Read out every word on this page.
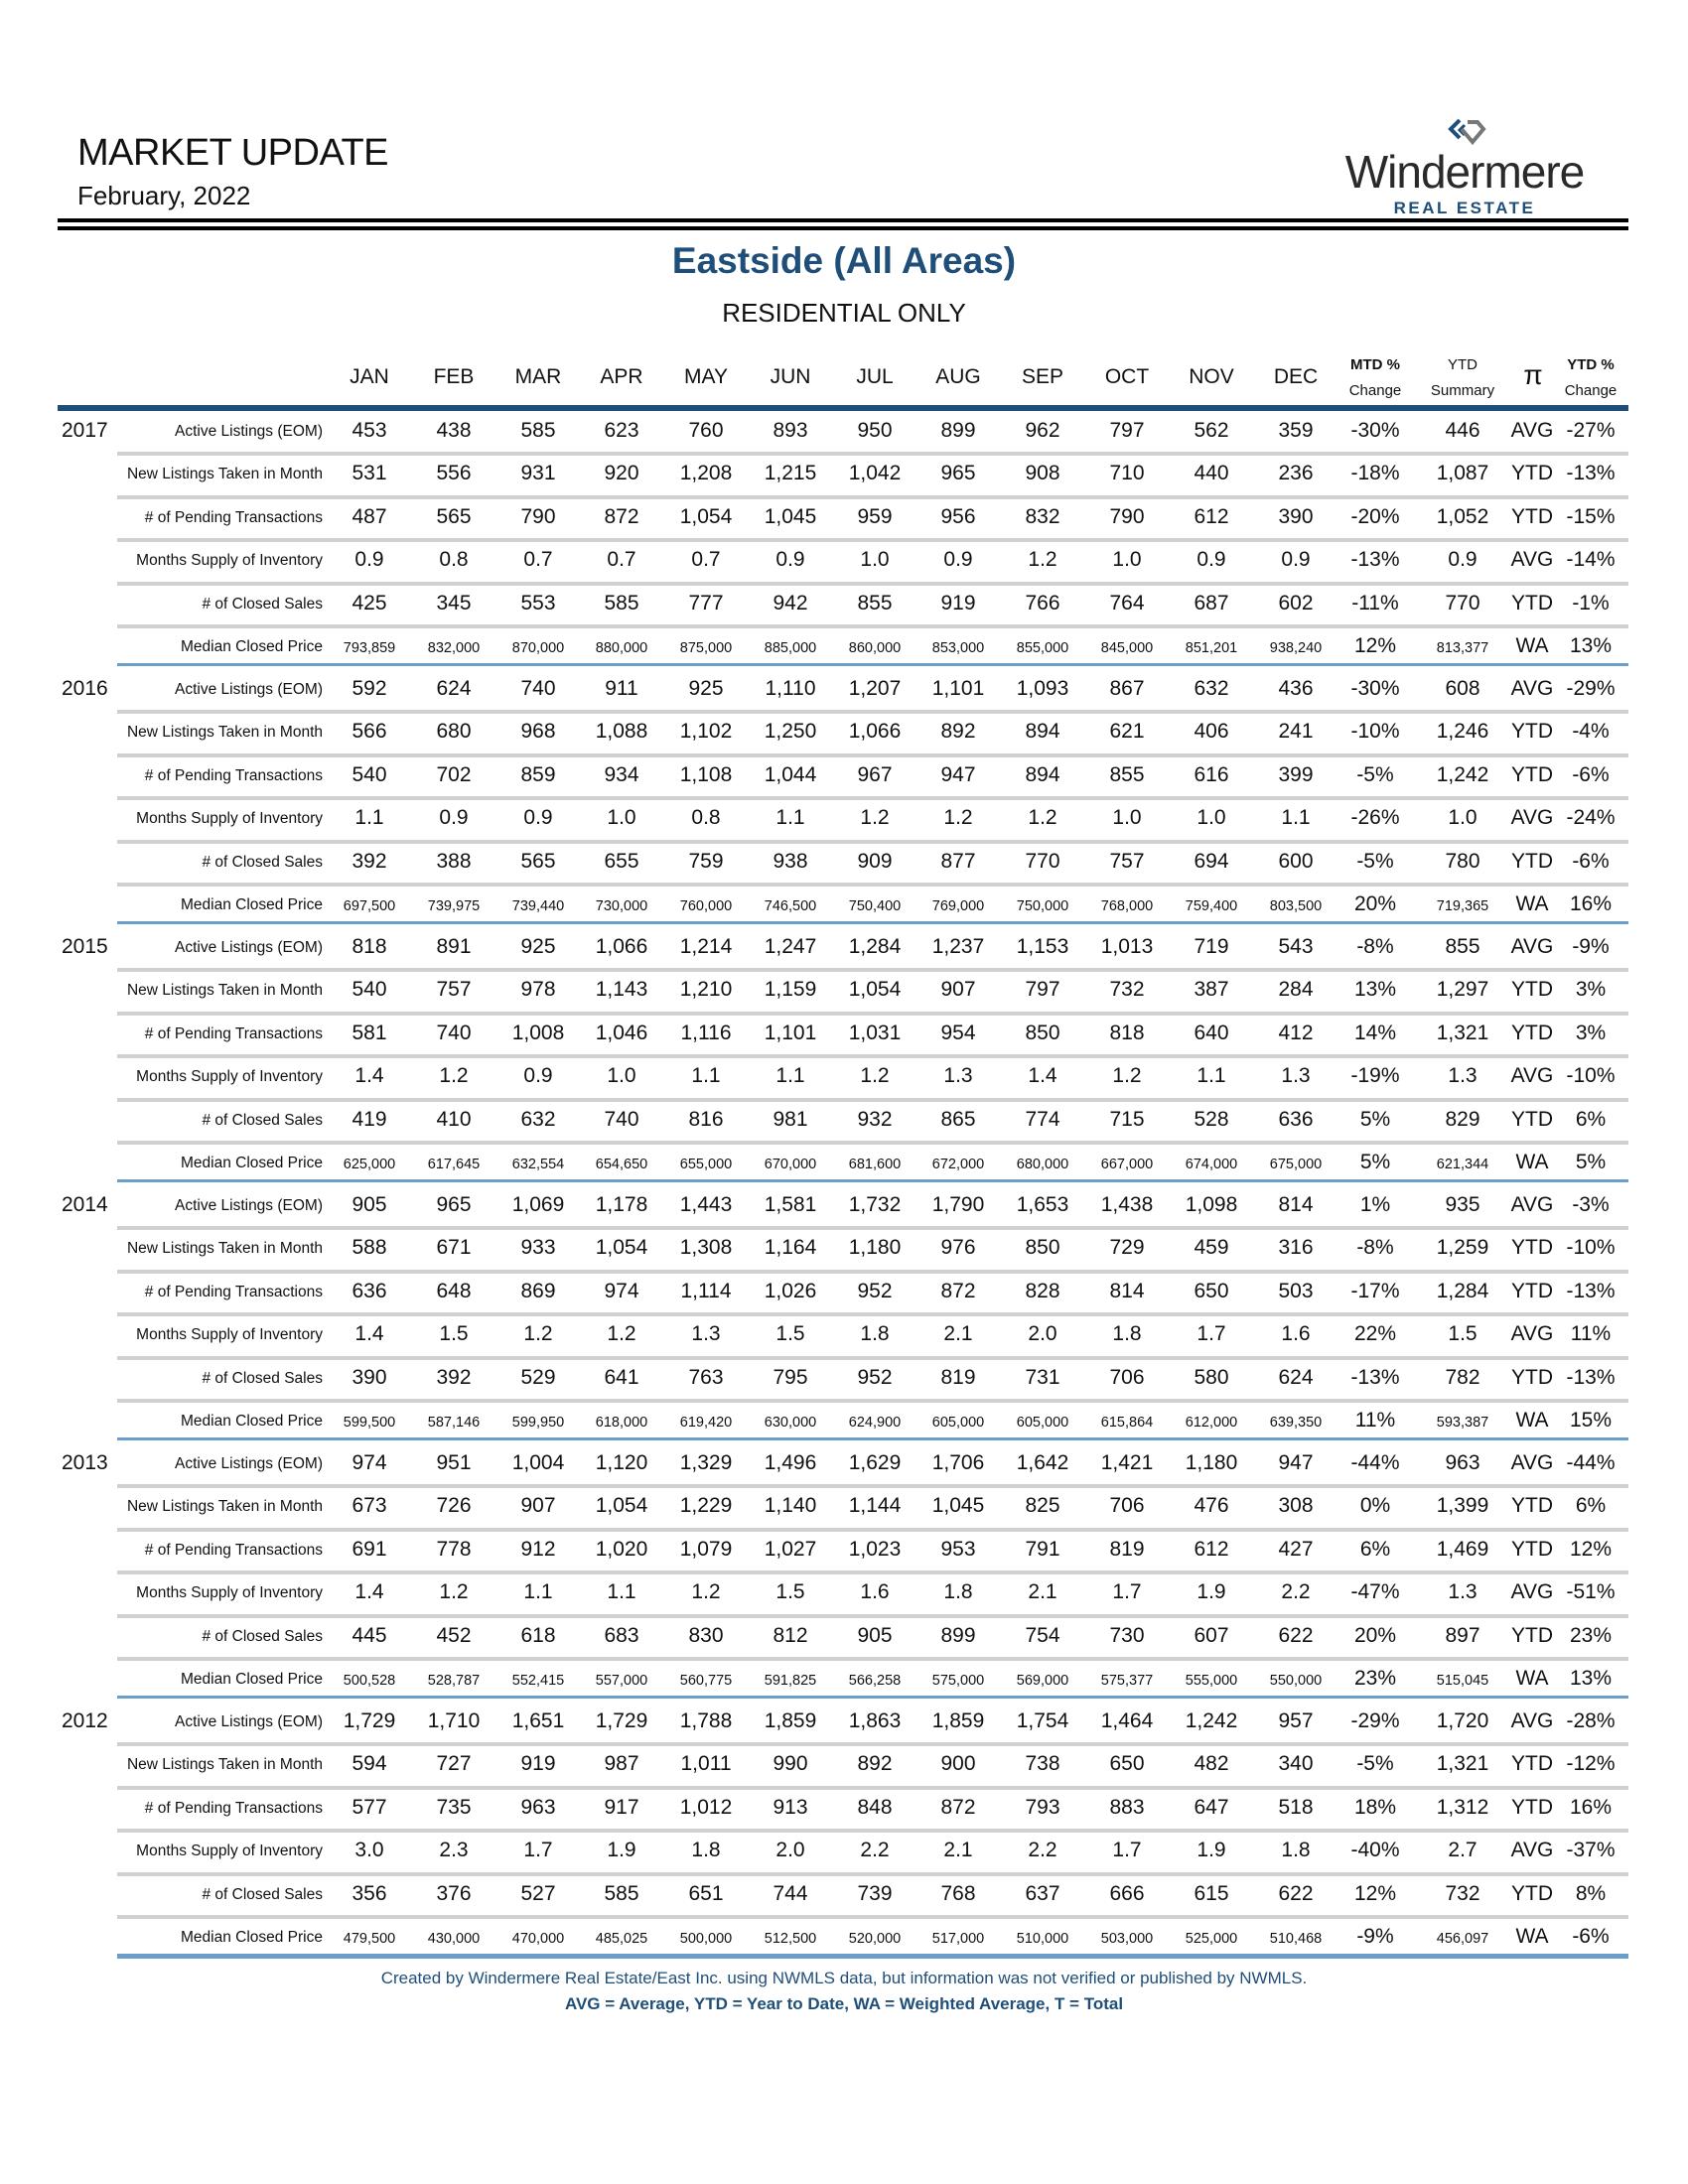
MARKET UPDATE
February, 2022	Windermere
REAL ESTATE
Eastside (All Areas)
RESIDENTIAL ONLY
JAN	FEB	MAR	APR	MAY	JUN	JUL	AUG	SEP	OCT	NOV	DEC
MTD %
Change
YTD
Summary
π	YTD %
Change
2017	Active Listings (EOM)	453	438	585	623	760	893	950	899	962	797	562	359	-30%	446	AVG -27%
New Listings Taken in Month	531	556	931	920	1,208	1,215	1,042	965	908	710	440	236	-18%	1,087	YTD -13%
# of Pending Transactions	487	565	790	872	1,054	1,045	959	956	832	790	612	390	-20%	1,052	YTD -15%
Months Supply of Inventory	0.9	0.8	0.7	0.7	0.7	0.9	1.0	0.9	1.2	1.0	0.9	0.9	-13%	0.9	AVG -14%
# of Closed Sales	425	345	553	585	777	942	855	919	766	764	687	602	-11%	770	YTD -1%
Median Closed Price	793,859	832,000	870,000	880,000	875,000	885,000	860,000	853,000	855,000	845,000	851,201	938,240	12%	813,377	WA	13%
2016	Active Listings (EOM)	592	624	740	911	925	1,110	1,207	1,101	1,093	867	632	436	-30%	608	AVG -29%
New Listings Taken in Month	566	680	968	1,088	1,102	1,250	1,066	892	894	621	406	241	-10%	1,246	YTD -4%
# of Pending Transactions	540	702	859	934	1,108	1,044	967	947	894	855	616	399	-5%	1,242	YTD -6%
Months Supply of Inventory	1.1	0.9	0.9	1.0	0.8	1.1	1.2	1.2	1.2	1.0	1.0	1.1	-26%	1.0	AVG -24%
# of Closed Sales	392	388	565	655	759	938	909	877	770	757	694	600	-5%	780	YTD -6%
Median Closed Price	697,500	739,975	739,440	730,000	760,000	746,500	750,400	769,000	750,000	768,000	759,400	803,500	20%	719,365	WA	16%
2015	Active Listings (EOM)	818	891	925	1,066	1,214	1,247	1,284	1,237	1,153	1,013	719	543	-8%	855	AVG -9%
New Listings Taken in Month	540	757	978	1,143	1,210	1,159	1,054	907	797	732	387	284	13%	1,297	YTD	3%
# of Pending Transactions	581	740	1,008	1,046	1,116	1,101	1,031	954	850	818	640	412	14%	1,321	YTD	3%
Months Supply of Inventory	1.4	1.2	0.9	1.0	1.1	1.1	1.2	1.3	1.4	1.2	1.1	1.3	-19%	1.3	AVG -10%
# of Closed Sales	419	410	632	740	816	981	932	865	774	715	528	636	5%	829	YTD	6%
Median Closed Price	625,000	617,645	632,554	654,650	655,000	670,000	681,600	672,000	680,000	667,000	674,000	675,000	5%	621,344	WA	5%
2014	Active Listings (EOM)	905	965	1,069	1,178	1,443	1,581	1,732	1,790	1,653	1,438	1,098	814	1%	935	AVG -3%
New Listings Taken in Month	588	671	933	1,054	1,308	1,164	1,180	976	850	729	459	316	-8%	1,259	YTD -10%
# of Pending Transactions	636	648	869	974	1,114	1,026	952	872	828	814	650	503	-17%	1,284	YTD -13%
Months Supply of Inventory	1.4	1.5	1.2	1.2	1.3	1.5	1.8	2.1	2.0	1.8	1.7	1.6	22%	1.5	AVG 11%
# of Closed Sales	390	392	529	641	763	795	952	819	731	706	580	624	-13%	782	YTD -13%
Median Closed Price	599,500	587,146	599,950	618,000	619,420	630,000	624,900	605,000	605,000	615,864	612,000	639,350	11%	593,387	WA	15%
2013	Active Listings (EOM)	974	951	1,004	1,120	1,329	1,496	1,629	1,706	1,642	1,421	1,180	947	-44%	963	AVG -44%
New Listings Taken in Month	673	726	907	1,054	1,229	1,140	1,144	1,045	825	706	476	308	0%	1,399	YTD	6%
# of Pending Transactions	691	778	912	1,020	1,079	1,027	1,023	953	791	819	612	427	6%	1,469	YTD 12%
Months Supply of Inventory	1.4	1.2	1.1	1.1	1.2	1.5	1.6	1.8	2.1	1.7	1.9	2.2	-47%	1.3	AVG -51%
# of Closed Sales	445	452	618	683	830	812	905	899	754	730	607	622	20%	897	YTD 23%
Median Closed Price	500,528	528,787	552,415	557,000	560,775	591,825	566,258	575,000	569,000	575,377	555,000	550,000	23%	515,045	WA	13%
2012	Active Listings (EOM) 1,729	1,710	1,651	1,729	1,788	1,859	1,863	1,859	1,754	1,464	1,242	957	-29%	1,720	AVG -28%
New Listings Taken in Month	594	727	919	987	1,011	990	892	900	738	650	482	340	-5%	1,321	YTD -12%
# of Pending Transactions	577	735	963	917	1,012	913	848	872	793	883	647	518	18%	1,312	YTD 16%
Months Supply of Inventory	3.0	2.3	1.7	1.9	1.8	2.0	2.2	2.1	2.2	1.7	1.9	1.8	-40%	2.7	AVG -37%
# of Closed Sales	356	376	527	585	651	744	739	768	637	666	615	622	12%	732	YTD	8%
Median Closed Price	479,500	430,000	470,000	485,025	500,000	512,500	520,000	517,000	510,000	503,000	525,000	510,468	-9%	456,097	WA	-6%
Created by Windermere Real Estate/East Inc. using NWMLS data, but information was not verified or published by NWMLS.
AVG = Average, YTD = Year to Date, WA = Weighted Average, T = Total
